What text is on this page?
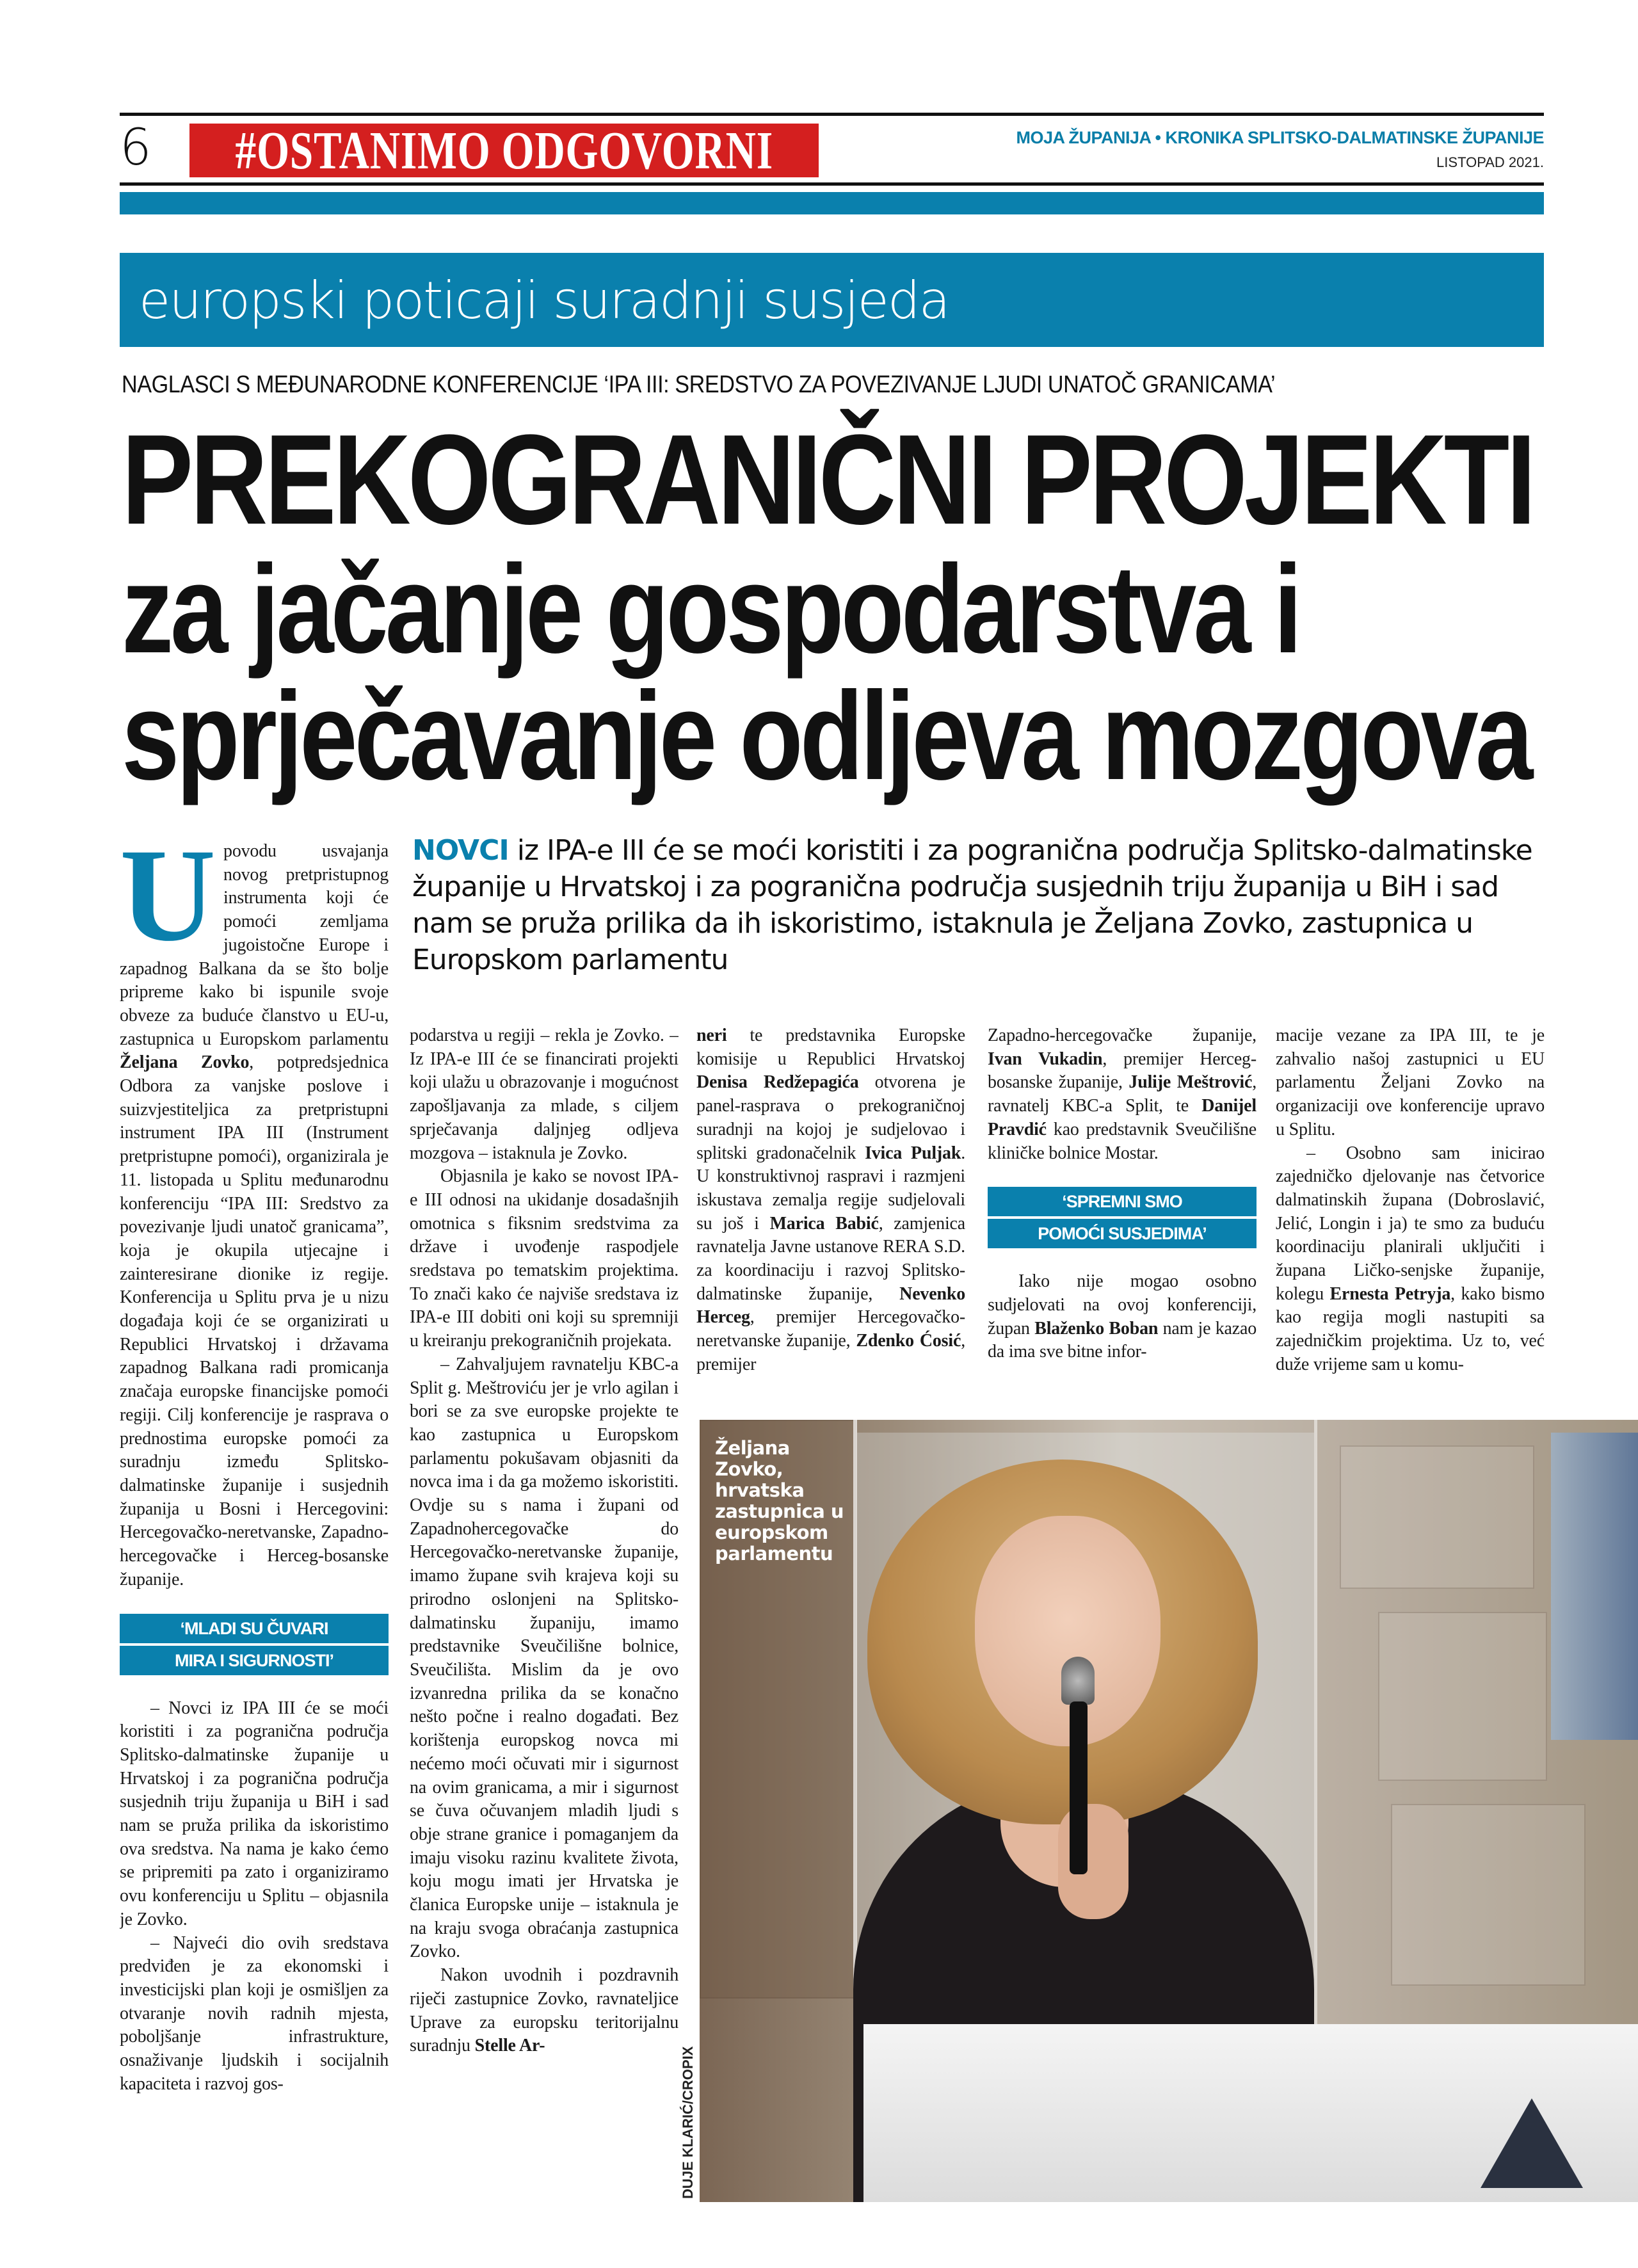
6 #OSTANIMO ODGOVORNI	MOJA ŽUPANIJA • KRONIKA SPLITSKO-DALMATINSKE ŽUPANIJE
LISTOPAD 2021.
europski poticaji suradnji susjeda
NAGLASCI S MEĐUNARODNE KONFERENCIJE ‘IPA III: SREDSTVO ZA POVEZIVANJE LJUDI UNATOČ GRANICAMA’
PREKOGRANIČNI PROJEKTI
za jačanje gospodarstva i
sprječavanje odljeva mozgova
NOVCI iz IPA-e III će se moći koristiti i za pogranična područja Splitsko-dalmatinske županije u Hrvatskoj i za pogranična područja susjednih triju županija u BiH i sad nam se pruža prilika da ih iskoristimo, istaknula je Željana Zovko, zastupnica u Europskom parlamentu
U povodu usvajanja novog pretpristupnog instrumenta koji će pomoći zemljama jugoistočne Europe i zapadnog Balkana da se što bolje pripreme kako bi ispunile svoje obveze za buduće članstvo u EU-u, zastupnica u Europskom parlamentu Željana Zovko, potpredsjednica Odbora za vanjske poslove i suizvjestiteljica za pretpristupni instrument IPA III (Instrument pretpristupne pomoći), organizirala je 11. listopada u Splitu međunarodnu konferenciju “IPA III: Sredstvo za povezivanje ljudi unatoč granicama”, koja je okupila utjecajne i zainteresirane dionike iz regije. Konferencija u Splitu prva je u nizu događaja koji će se organizirati u Republici Hrvatskoj i državama zapadnog Balkana radi promicanja značaja europske financijske pomoći regiji. Cilj konferencije je rasprava o prednostima europske pomoći za suradnju između Splitsko-dalmatinske županije i susjednih županija u Bosni i Hercegovini: Hercegovačko-neretvanske, Zapadno-hercegovačke i Herceg-bosanske županije.

‘MLADI SU ČUVARI
MIRA I SIGURNOSTI’

– Novci iz IPA III će se moći koristiti i za pogranična područja Splitsko-dalmatinske županije u Hrvatskoj i za pogranična područja susjednih triju županija u BiH i sad nam se pruža prilika da iskoristimo ova sredstva. Na nama je kako ćemo se pripremiti pa zato i organiziramo ovu konferenciju u Splitu – objasnila je Zovko.

– Najveći dio ovih sredstava predviđen je za ekonomski i investicijski plan koji je osmišljen za otvaranje novih radnih mjesta, poboljšanje infrastrukture, osnaživanje ljudskih i socijalnih kapaciteta i razvoj gos-

podarstva u regiji – rekla je Zovko. – Iz IPA-e III će se financirati projekti koji ulažu u obrazovanje i mogućnost zapošljavanja za mlade, s ciljem sprječavanja daljnjeg odljeva mozgova – istaknula je Zovko.

Objasnila je kako se novost IPA-e III odnosi na ukidanje dosadašnjih omotnica s fiksnim sredstvima za države i uvođenje raspodjele sredstava po tematskim projektima. To znači kako će najviše sredstava iz IPA-e III dobiti oni koji su spremniji u kreiranju prekograničnih projekata.

– Zahvaljujem ravnatelju KBC-a Split g. Meštroviću jer je vrlo agilan i bori se za sve europske projekte te kao zastupnica u Europskom parlamentu pokušavam objasniti da novca ima i da ga možemo iskoristiti. Ovdje su s nama i župani od Zapadnohercegovačke do Hercegovačko-neretvanske županije, imamo župane svih krajeva koji su prirodno oslonjeni na Splitsko-dalmatinsku županiju, imamo predstavnike Sveučilišne bolnice, Sveučilišta. Mislim da je ovo izvanredna prilika da se konačno nešto počne i realno događati. Bez korištenja europskog novca mi nećemo moći očuvati mir i sigurnost na ovim granicama, a mir i sigurnost se čuva očuvanjem mladih ljudi s obje strane granice i pomaganjem da imaju visoku razinu kvalitete života, koju mogu imati jer Hrvatska je članica Europske unije – istaknula je na kraju svoga obraćanja zastupnica Zovko.

Nakon uvodnih i pozdravnih riječi zastupnice Zovko, ravnateljice Uprave za europsku teritorijalnu suradnju Stelle Ar-

neri te predstavnika Europske komisije u Republici Hrvatskoj Denisa Redžepagića otvorena je panel-rasprava o prekograničnoj suradnji na kojoj je sudjelovao i splitski gradonačelnik Ivica Puljak. U konstruktivnoj raspravi i razmjeni iskustava zemalja regije sudjelovali su još i Marica Babić, zamjenica ravnatelja Javne ustanove RERA S.D. za koordinaciju i razvoj Splitsko-dalmatinske županije, Nevenko Herceg, premijer Hercegovačko-neretvanske županije, Zdenko Ćosić, premijer

Zapadno-hercegovačke županije, Ivan Vukadin, premijer Herceg-bosanske županije, Julije Meštrović, ravnatelj KBC-a Split, te Danijel Pravdić kao predstavnik Sveučilišne kliničke bolnice Mostar.

‘SPREMNI SMO
POMOĆI SUSJEDIMA’

Iako nije mogao osobno sudjelovati na ovoj konferenciji, župan Blaženko Boban nam je kazao da ima sve bitne infor-

macije vezane za IPA III, te je zahvalio našoj zastupnici u EU parlamentu Željani Zovko na organizaciji ove konferencije upravo u Splitu.

– Osobno sam inicirao zajedničko djelovanje nas četvorice dalmatinskih župana (Dobroslavić, Jelić, Longin i ja) te smo za buduću koordinaciju planirali uključiti i župana Ličko-senjske županije, kolegu Ernesta Petryja, kako bismo kao regija mogli nastupiti sa zajedničkim projektima. Uz to, već duže vrijeme sam u komu-

Željana Zovko, hrvatska zastupnica u europskom parlamentu
DUJE KLARIĆ/CROPIX
